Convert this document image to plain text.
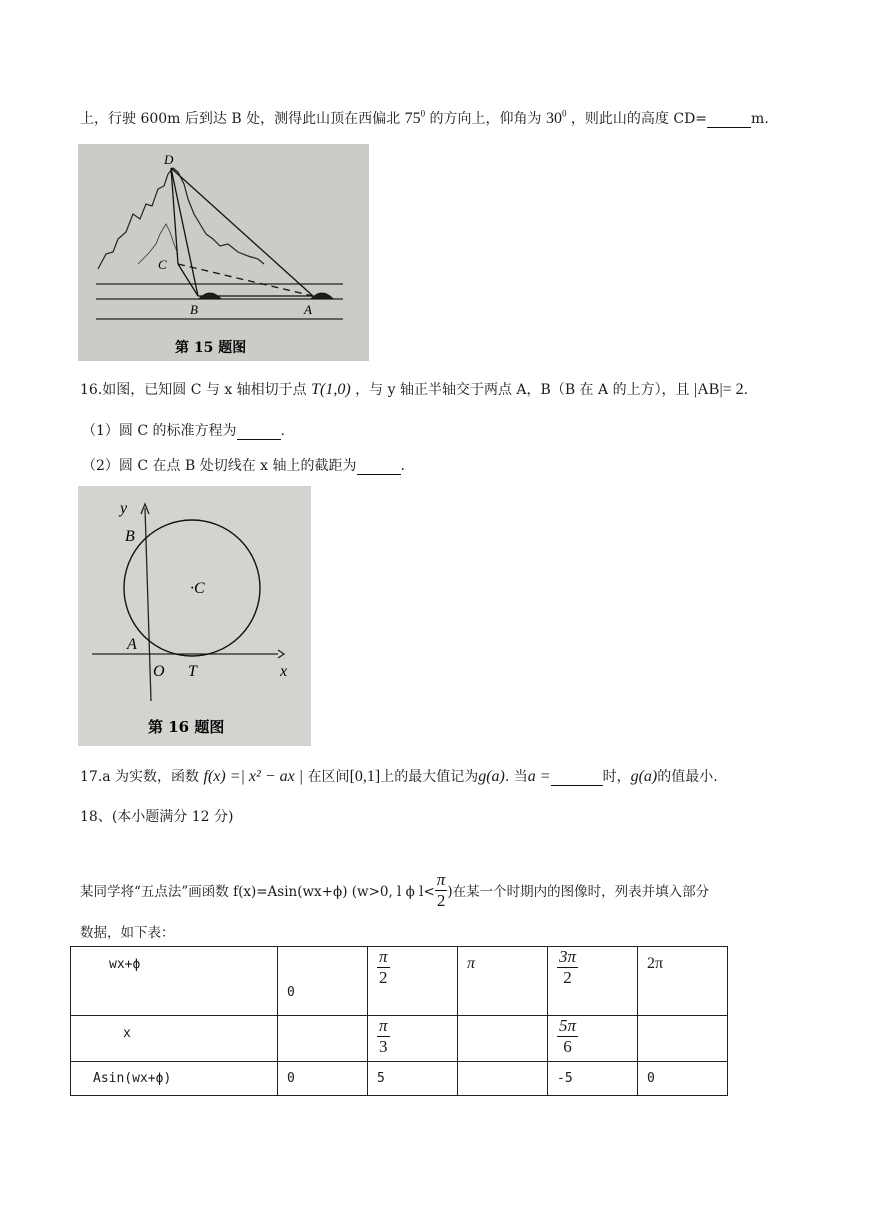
上，行驶 600m 后到达 B 处，测得此山顶在西偏北 $75^0$ 的方向上，仰角为 $30^0$ ，则此山的高度 CD=	m.
D
C
B	A
第 15 题图
16.如图，已知圆 C 与 x 轴相切于点 T(1,0) ，与 y 轴正半轴交于两点 A，B（B 在 A 的上方），且 |AB|= 2.
（1）圆 C 的标准方程为	.
（2）圆 C 在点 B 处切线在 x 轴上的截距为	.
y
x
B
A
O T
·C
第 16 题图
17.a 为实数，函数 f(x) =| x² − ax | 在区间[0,1]上的最大值记为g(a). 当a =	时，g(a)的值最小.
18、(本小题满分 12 分)
某同学将“五点法”画函数 f(x)=Asin(wx+ϕ) (w>0, l ϕ $l< \frac{\pi}{2}$ )在某一个时期内的图像时，列表并填入部分
数据，如下表：
wx+ϕ	0	$\frac{\pi}{2}$	π	$\frac{3\pi}{2}$	2π
x		$\frac{\pi}{3}$		$\frac{5\pi}{6}$

Asin(wx+ϕ)	0	5		-5	0
